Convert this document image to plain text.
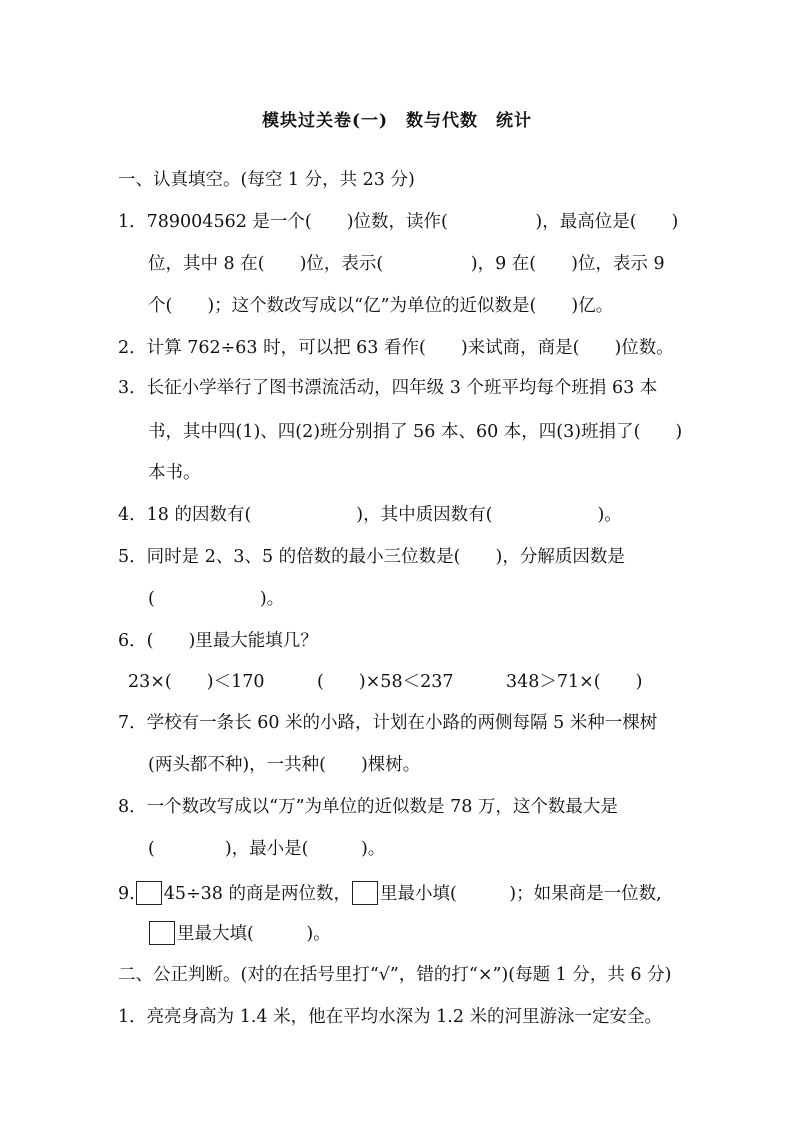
模块过关卷(一)　数与代数　统计
一、认真填空。(每空 1 分，共 23 分)
1．789004562 是一个(　　)位数，读作(　　　　　)，最高位是(　　)
位，其中 8 在(　　)位，表示(　　　　　)，9 在(　　)位，表示 9
个(　　)；这个数改写成以“亿”为单位的近似数是(　　)亿。
2．计算 762÷63 时，可以把 63 看作(　　)来试商，商是(　　)位数。
3．长征小学举行了图书漂流活动，四年级 3 个班平均每个班捐 63 本
书，其中四(1)、四(2)班分别捐了 56 本、60 本，四(3)班捐了(　　)
本书。
4．18 的因数有(　　　　　　)，其中质因数有(　　　　　　)。
5．同时是 2、3、5 的倍数的最小三位数是(　　)，分解质因数是
(　　　　　　)。
6．(　　)里最大能填几？
23×(　　)＜170　　　(　　)×58＜237　　　348＞71×(　　)
7．学校有一条长 60 米的小路，计划在小路的两侧每隔 5 米种一棵树
(两头都不种)，一共种(　　)棵树。
8．一个数改写成以“万”为单位的近似数是 78 万，这个数最大是
(　　　　)，最小是(　　　)。
9. 45÷38 的商是两位数， 里最小填(　　　)；如果商是一位数,
里最大填(　　　)。
二、公正判断。(对的在括号里打“√”，错的打“×”)(每题 1 分，共 6 分)
1．亮亮身高为 1.4 米，他在平均水深为 1.2 米的河里游泳一定安全。
